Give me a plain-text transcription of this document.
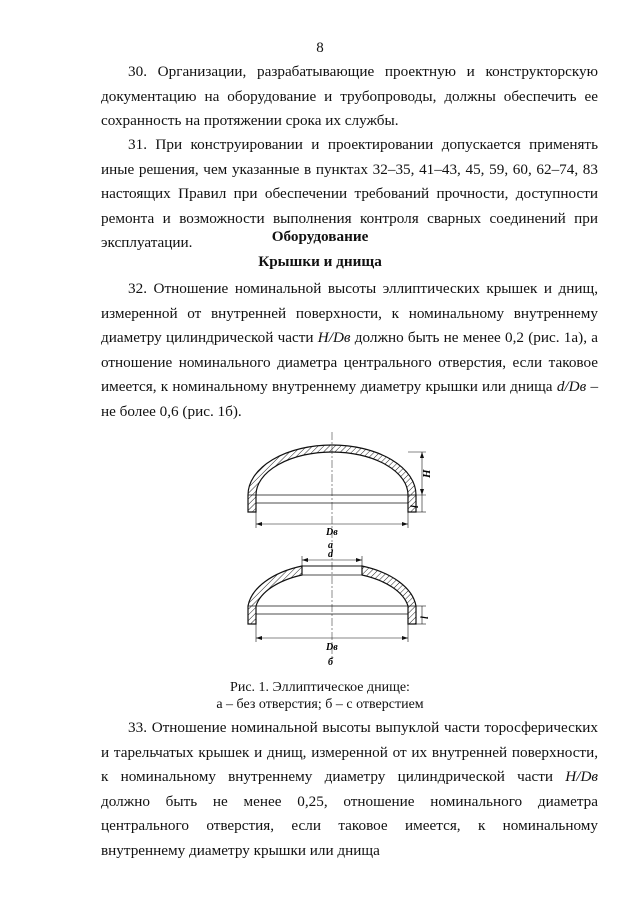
8

30. Организации, разрабатывающие проектную и конструкторскую документацию на оборудование и трубопроводы, должны обеспечить ее сохранность на протяжении срока их службы.

31. При конструировании и проектировании допускается применять иные решения, чем указанные в пунктах 32–35, 41–43, 45, 59, 60, 62–74, 83 настоящих Правил при обеспечении требований прочности, доступности ремонта и возможности выполнения контроля сварных соединений при эксплуатации.	Оборудование

Крышки и днища

32. Отношение номинальной высоты эллиптических крышек и днищ, измеренной от внутренней поверхности, к номинальному внутреннему диаметру цилиндрической части H/Dв должно быть не менее 0,2 (рис. 1а), а отношение номинального диаметра центрального отверстия, если таковое имеется, к номинальному внутреннему диаметру крышки или днища d/Dв – не более 0,6 (рис. 1б).

H
l
Dв
а
d
l
Dв
б
Рис. 1. Эллиптическое днище:
а – без отверстия; б – с отверстием

33. Отношение номинальной высоты выпуклой части торосферических и тарельчатых крышек и днищ, измеренной от их внутренней поверхности, к номинальному внутреннему диаметру цилиндрической части H/Dв должно быть не менее 0,25, отношение номинального диаметра центрального отверстия, если таковое имеется, к номинальному внутреннему диаметру крышки или днища
